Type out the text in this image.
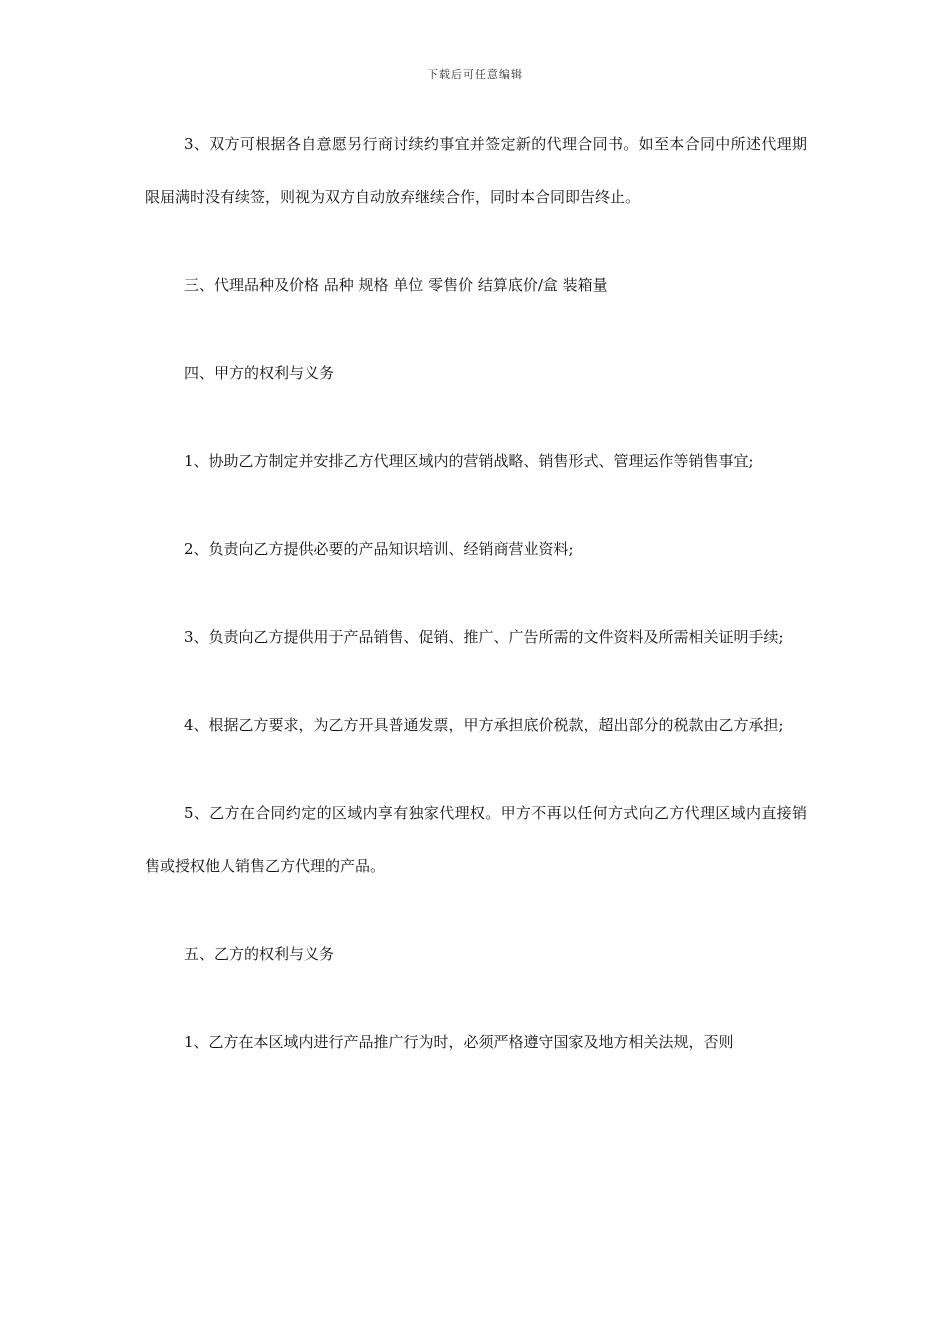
下载后可任意编辑

3、双方可根据各自意愿另行商讨续约事宜并签定新的代理合同书。如至本合同中所述代理期限届满时没有续签，则视为双方自动放弃继续合作，同时本合同即告终止。

三、代理品种及价格 品种 规格 单位 零售价 结算底价/盒 装箱量

四、甲方的权利与义务

1、协助乙方制定并安排乙方代理区域内的营销战略、销售形式、管理运作等销售事宜;

2、负责向乙方提供必要的产品知识培训、经销商营业资料;

3、负责向乙方提供用于产品销售、促销、推广、广告所需的文件资料及所需相关证明手续;

4、根据乙方要求，为乙方开具普通发票，甲方承担底价税款，超出部分的税款由乙方承担;

5、乙方在合同约定的区域内享有独家代理权。甲方不再以任何方式向乙方代理区域内直接销售或授权他人销售乙方代理的产品。

五、乙方的权利与义务

1、乙方在本区域内进行产品推广行为时，必须严格遵守国家及地方相关法规，否则
